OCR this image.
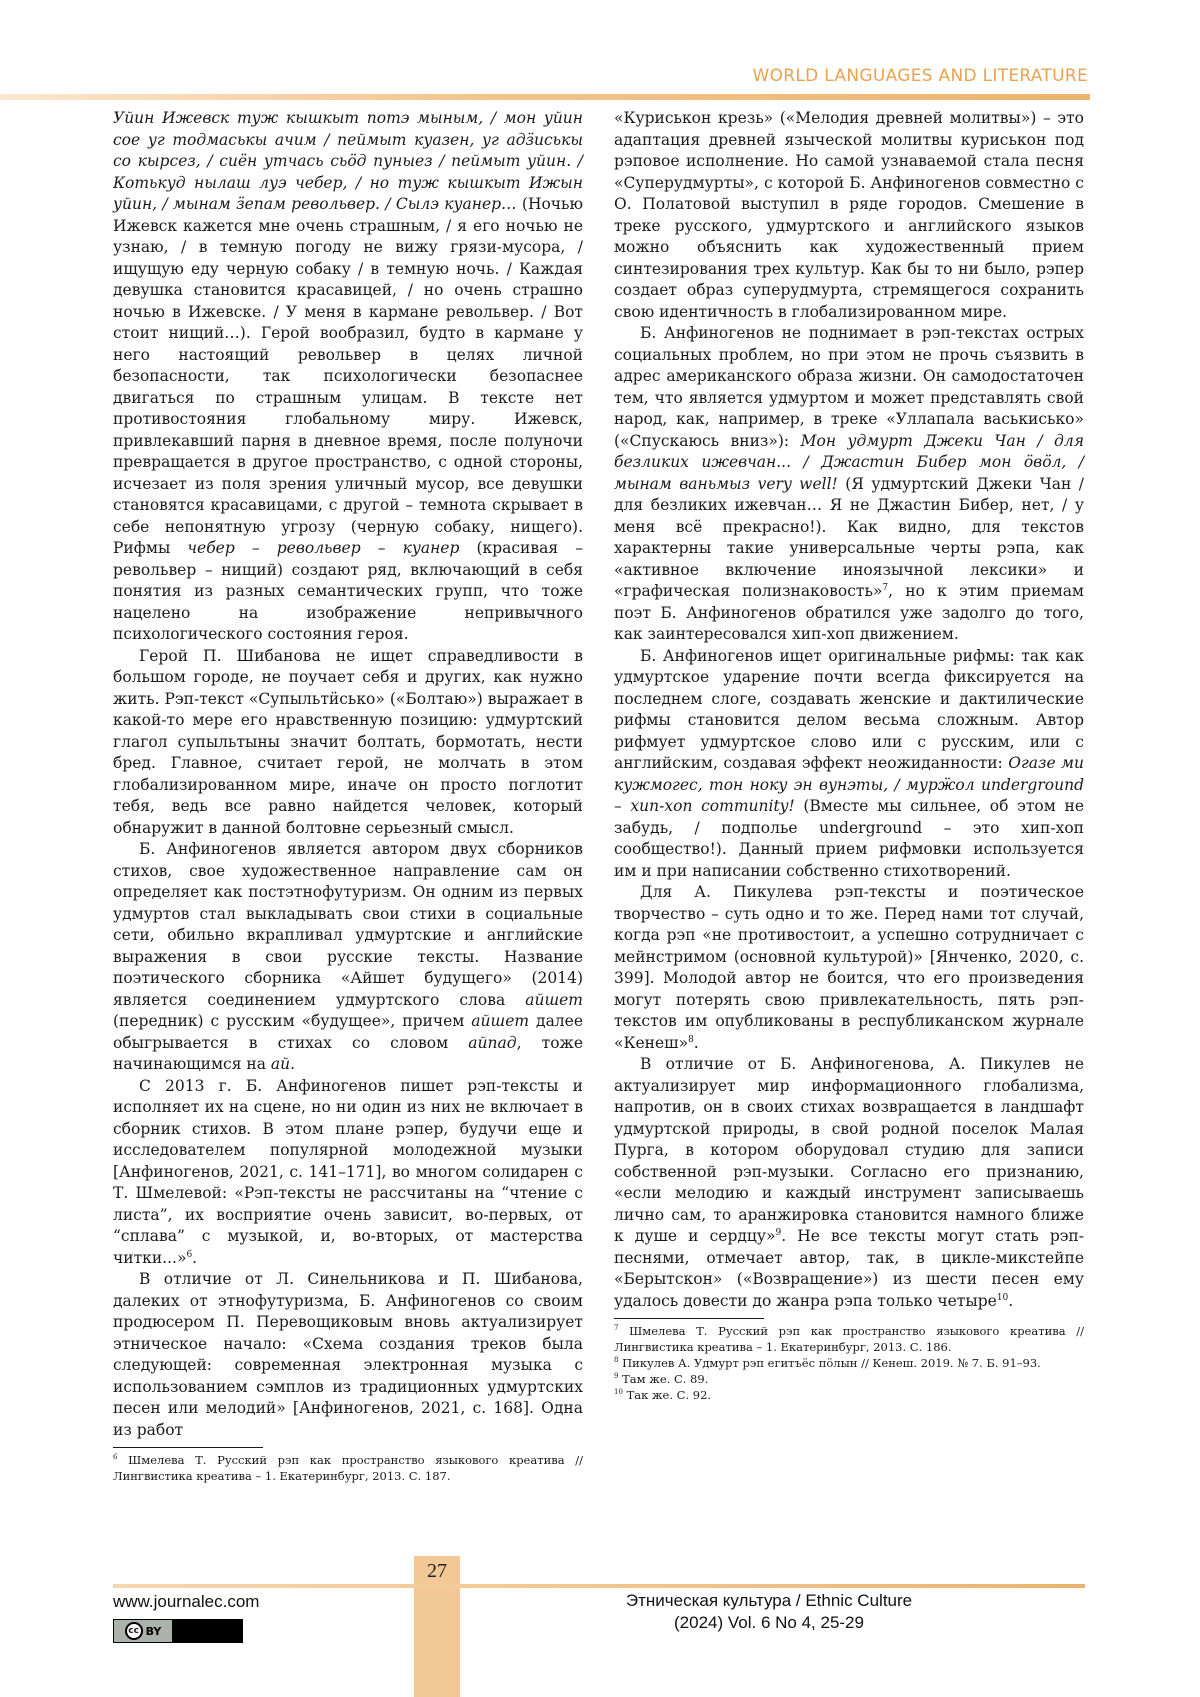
WORLD LANGUAGES AND LITERATURE

Уйин Ижевск туж кышкыт потэ мыным, / мон уйин сое уг тодмаськы ачим / пеймыт куазен, уг адӟиськы со кырсез, / сиён утчась сьӧд пуныез / пеймыт уйин. / Котькуд нылаш луэ чебер, / но туж кышкыт Ижын уйин, / мынам ӟепам револьвер. / Сылэ куанер… (Ночью Ижевск кажется мне очень страшным, / я его ночью не узнаю, / в темную погоду не вижу грязи-мусора, / ищущую еду черную собаку / в темную ночь. / Каждая девушка становится красавицей, / но очень страшно ночью в Ижевске. / У меня в кармане револьвер. / Вот стоит нищий…). Герой вообразил, будто в кармане у него настоящий револьвер в целях личной безопасности, так психологически безопаснее двигаться по страшным улицам. В тексте нет противостояния глобальному миру. Ижевск, привлекавший парня в дневное время, после полуночи превращается в другое пространство, с одной стороны, исчезает из поля зрения уличный мусор, все девушки становятся красавицами, с другой – темнота скрывает в себе непонятную угрозу (черную собаку, нищего). Рифмы чебер – револьвер – куанер (красивая – револьвер – нищий) создают ряд, включающий в себя понятия из разных семантических групп, что тоже нацелено на изображение непривычного психологического состояния героя.

Герой П. Шибанова не ищет справедливости в большом городе, не поучает себя и других, как нужно жить. Рэп-текст «Супыльтӥсько» («Болтаю») выражает в какой-то мере его нравственную позицию: удмуртский глагол супыльтыны значит болтать, бормотать, нести бред. Главное, считает герой, не молчать в этом глобализированном мире, иначе он просто поглотит тебя, ведь все равно найдется человек, который обнаружит в данной болтовне серьезный смысл.

Б. Анфиногенов является автором двух сборников стихов, свое художественное направление сам он определяет как постэтнофутуризм. Он одним из первых удмуртов стал выкладывать свои стихи в социальные сети, обильно вкрапливал удмуртские и английские выражения в свои русские тексты. Название поэтического сборника «Айшет будущего» (2014) является соединением удмуртского слова айшет (передник) с русским «будущее», причем айшет далее обыгрывается в стихах со словом айпад, тоже начинающимся на ай.

С 2013 г. Б. Анфиногенов пишет рэп-тексты и исполняет их на сцене, но ни один из них не включает в сборник стихов. В этом плане рэпер, будучи еще и исследователем популярной молодежной музыки [Анфиногенов, 2021, с. 141–171], во многом солидарен с Т. Шмелевой: «Рэп-тексты не рассчитаны на “чтение с листа”, их восприятие очень зависит, во-первых, от “сплава” с музыкой, и, во-вторых, от мастерства читки...»$^6$.

В отличие от Л. Синельникова и П. Шибанова, далеких от этнофутуризма, Б. Анфиногенов со своим продюсером П. Перевощиковым вновь актуализирует этническое начало: «Схема создания треков была следующей: современная электронная музыка с использованием сэмплов из традиционных удмуртских песен или мелодий» [Анфиногенов, 2021, с. 168]. Одна из работ

$^6$ Шмелева Т. Русский рэп как пространство языкового креатива // Лингвистика креатива – 1. Екатеринбург, 2013. С. 187.

«Куриськон крезь» («Мелодия древней молитвы») – это адаптация древней языческой молитвы куриськон под рэповое исполнение. Но самой узнаваемой стала песня «Суперудмурты», с которой Б. Анфиногенов совместно с О. Полатовой выступил в ряде городов. Смешение в треке русского, удмуртского и английского языков можно объяснить как художественный прием синтезирования трех культур. Как бы то ни было, рэпер создает образ суперудмурта, стремящегося сохранить свою идентичность в глобализированном мире.

Б. Анфиногенов не поднимает в рэп-текстах острых социальных проблем, но при этом не прочь съязвить в адрес американского образа жизни. Он самодостаточен тем, что является удмуртом и может представлять свой народ, как, например, в треке «Уллапала васькиськo» («Спускаюсь вниз»): Мон удмурт Джеки Чан / для безликих ижевчан... / Джастин Бибер мон ӧвӧл, / мынам ваньмыз very well! (Я удмуртский Джеки Чан / для безликих ижевчан… Я не Джастин Бибер, нет, / у меня всё прекрасно!). Как видно, для текстов характерны такие универсальные черты рэпа, как «активное включение иноязычной лексики» и «графическая полизнаковость»$^7$, но к этим приемам поэт Б. Анфиногенов обратился уже задолго до того, как заинтересовался хип-хоп движением.

Б. Анфиногенов ищет оригинальные рифмы: так как удмуртское ударение почти всегда фиксируется на последнем слоге, создавать женские и дактилические рифмы становится делом весьма сложным. Автор рифмует удмуртское слово или с русским, или с английским, создавая эффект неожиданности: Огазе ми кужмогес, тон ноку эн вунэты, / мурӝол underground – хип-хоп community! (Вместе мы сильнее, об этом не забудь, / подполье underground – это хип-хоп сообщество!). Данный прием рифмовки используется им и при написании собственно стихотворений.

Для А. Пикулева рэп-тексты и поэтическое творчество – суть одно и то же. Перед нами тот случай, когда рэп «не противостоит, а успешно сотрудничает с мейнстримом (основной культурой)» [Янченко, 2020, с. 399]. Молодой автор не боится, что его произведения могут потерять свою привлекательность, пять рэп-текстов им опубликованы в республиканском журнале «Кенеш»$^8$.

В отличие от Б. Анфиногенова, А. Пикулев не актуализирует мир информационного глобализма, напротив, он в своих стихах возвращается в ландшафт удмуртской природы, в свой родной поселок Малая Пурга, в котором оборудовал студию для записи собственной рэп-музыки. Согласно его признанию, «если мелодию и каждый инструмент записываешь лично сам, то аранжировка становится намного ближе к душе и сердцу»$^9$. Не все тексты могут стать рэп-песнями, отмечает автор, так, в цикле-микстейпе «Берытскон» («Возвращение») из шести песен ему удалось довести до жанра рэпа только четыре$^{10}$.

$^7$ Шмелева Т. Русский рэп как пространство языкового креатива // Лингвистика креатива – 1. Екатеринбург, 2013. С. 186.

$^8$ Пикулев А. Удмурт рэп егитъёс пӧлын // Кенеш. 2019. № 7. Б. 91–93.

$^9$ Там же. С. 89.

$^{10}$ Так же. С. 92.

27
www.journalec.com
cc BY
Этническая культура / Ethnic Culture
(2024) Vol. 6 No 4, 25-29
